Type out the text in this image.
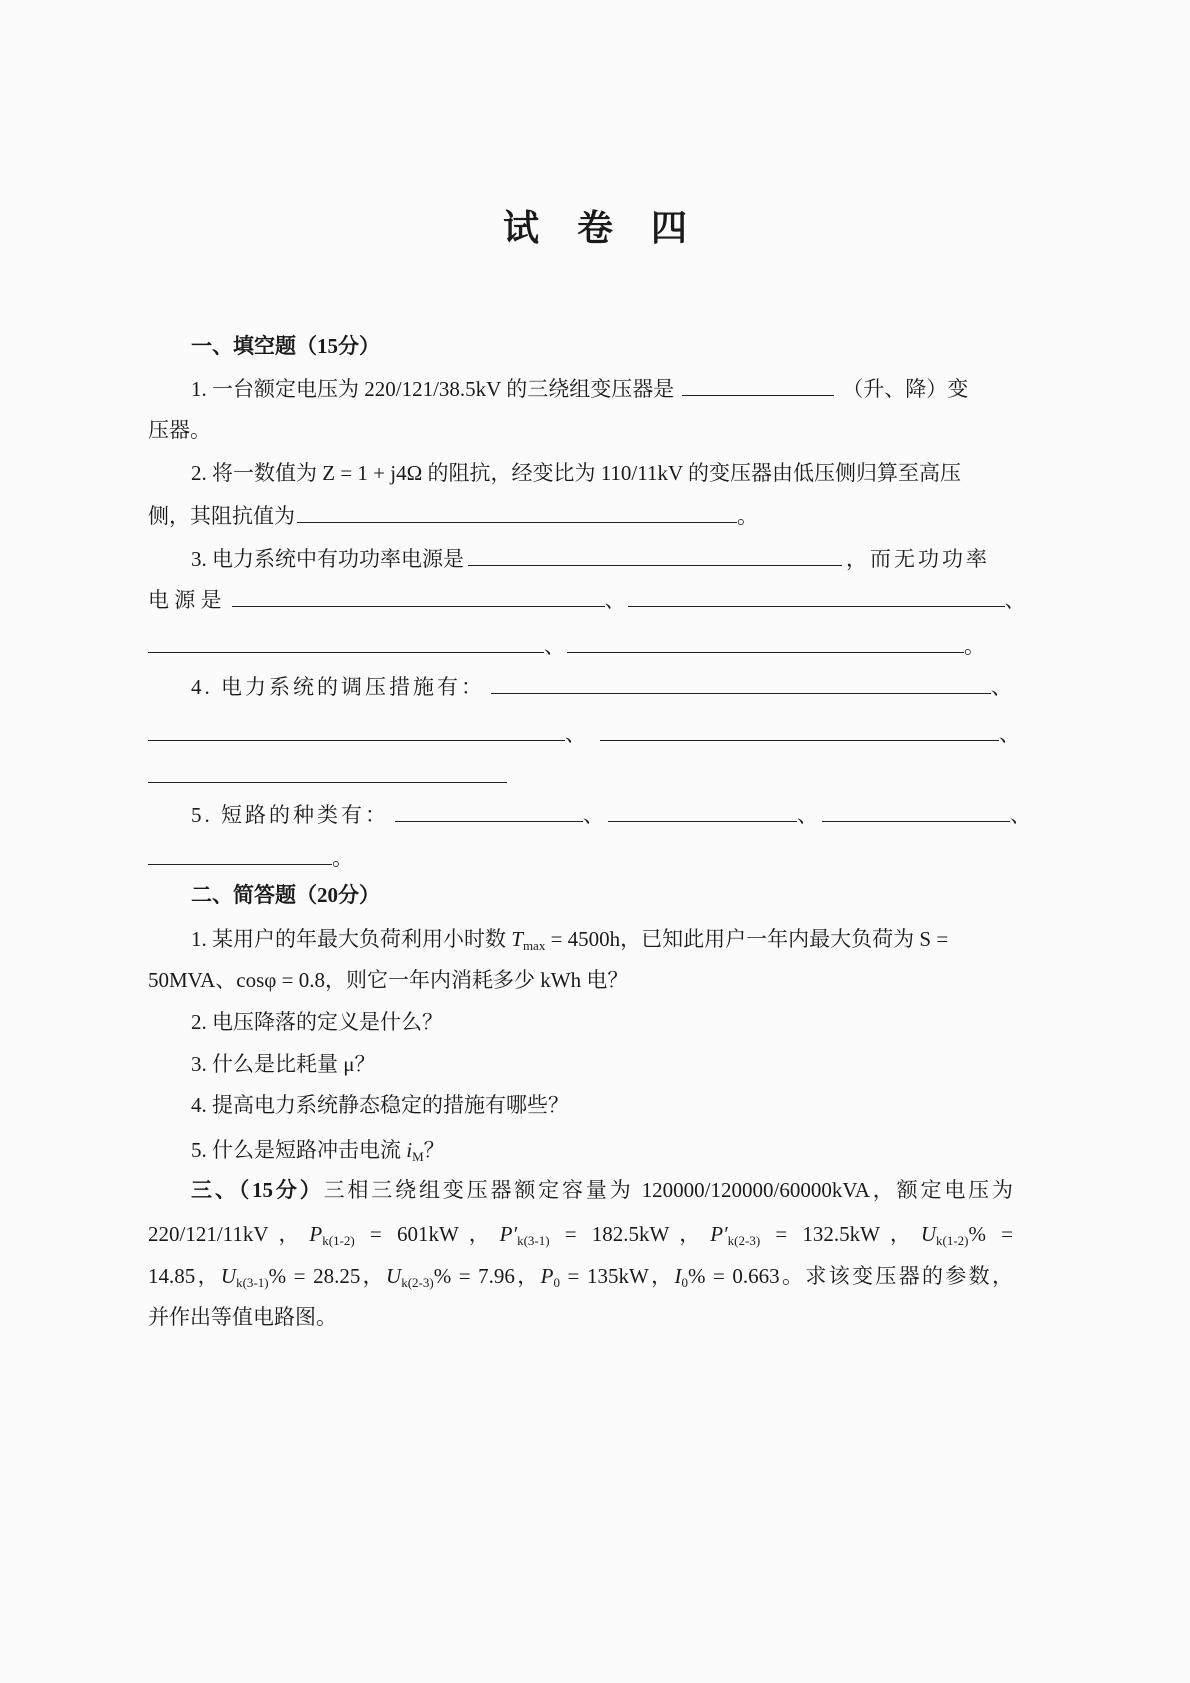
试卷四
一、填空题（15分）
1. 一台额定电压为 220/121/38.5kV 的三绕组变压器是	（升、降）变
压器。
2. 将一数值为 Z = 1 + j4Ω 的阻抗，经变比为 110/11kV 的变压器由低压侧归算至高压
侧，其阻抗值为	。
3. 电力系统中有功功率电源是	，而无功功率
电 源 是	、	、
、	。
4. 电力系统的调压措施有：	、
、	、
5. 短路的种类有：	、	、	、
。
二、简答题（20分）
1. 某用户的年最大负荷利用小时数 $T_{max} = 4500h$，已知此用户一年内最大负荷为 S =
50MVA、cosφ = 0.8，则它一年内消耗多少 kWh 电？
2. 电压降落的定义是什么？
3. 什么是比耗量 μ？
4. 提高电力系统静态稳定的措施有哪些？
5. 什么是短路冲击电流 $i_M$？
三、（15分）三相三绕组变压器额定容量为 120000/120000/60000kVA，额定电压为
220/121/11kV，$P_{k(1-2)} = 601kW$，$P'_{k(3-1)} = 182.5kW$，$P'_{k(2-3)} = 132.5kW$，$U_{k(1-2)}\%$ =
14.85，$U_{k(3-1)}\% = 28.25$，$U_{k(2-3)}\% = 7.96$，$P_0 = 135kW$，$I_0\% = 0.663$。求该变压器的参数，
并作出等值电路图。
